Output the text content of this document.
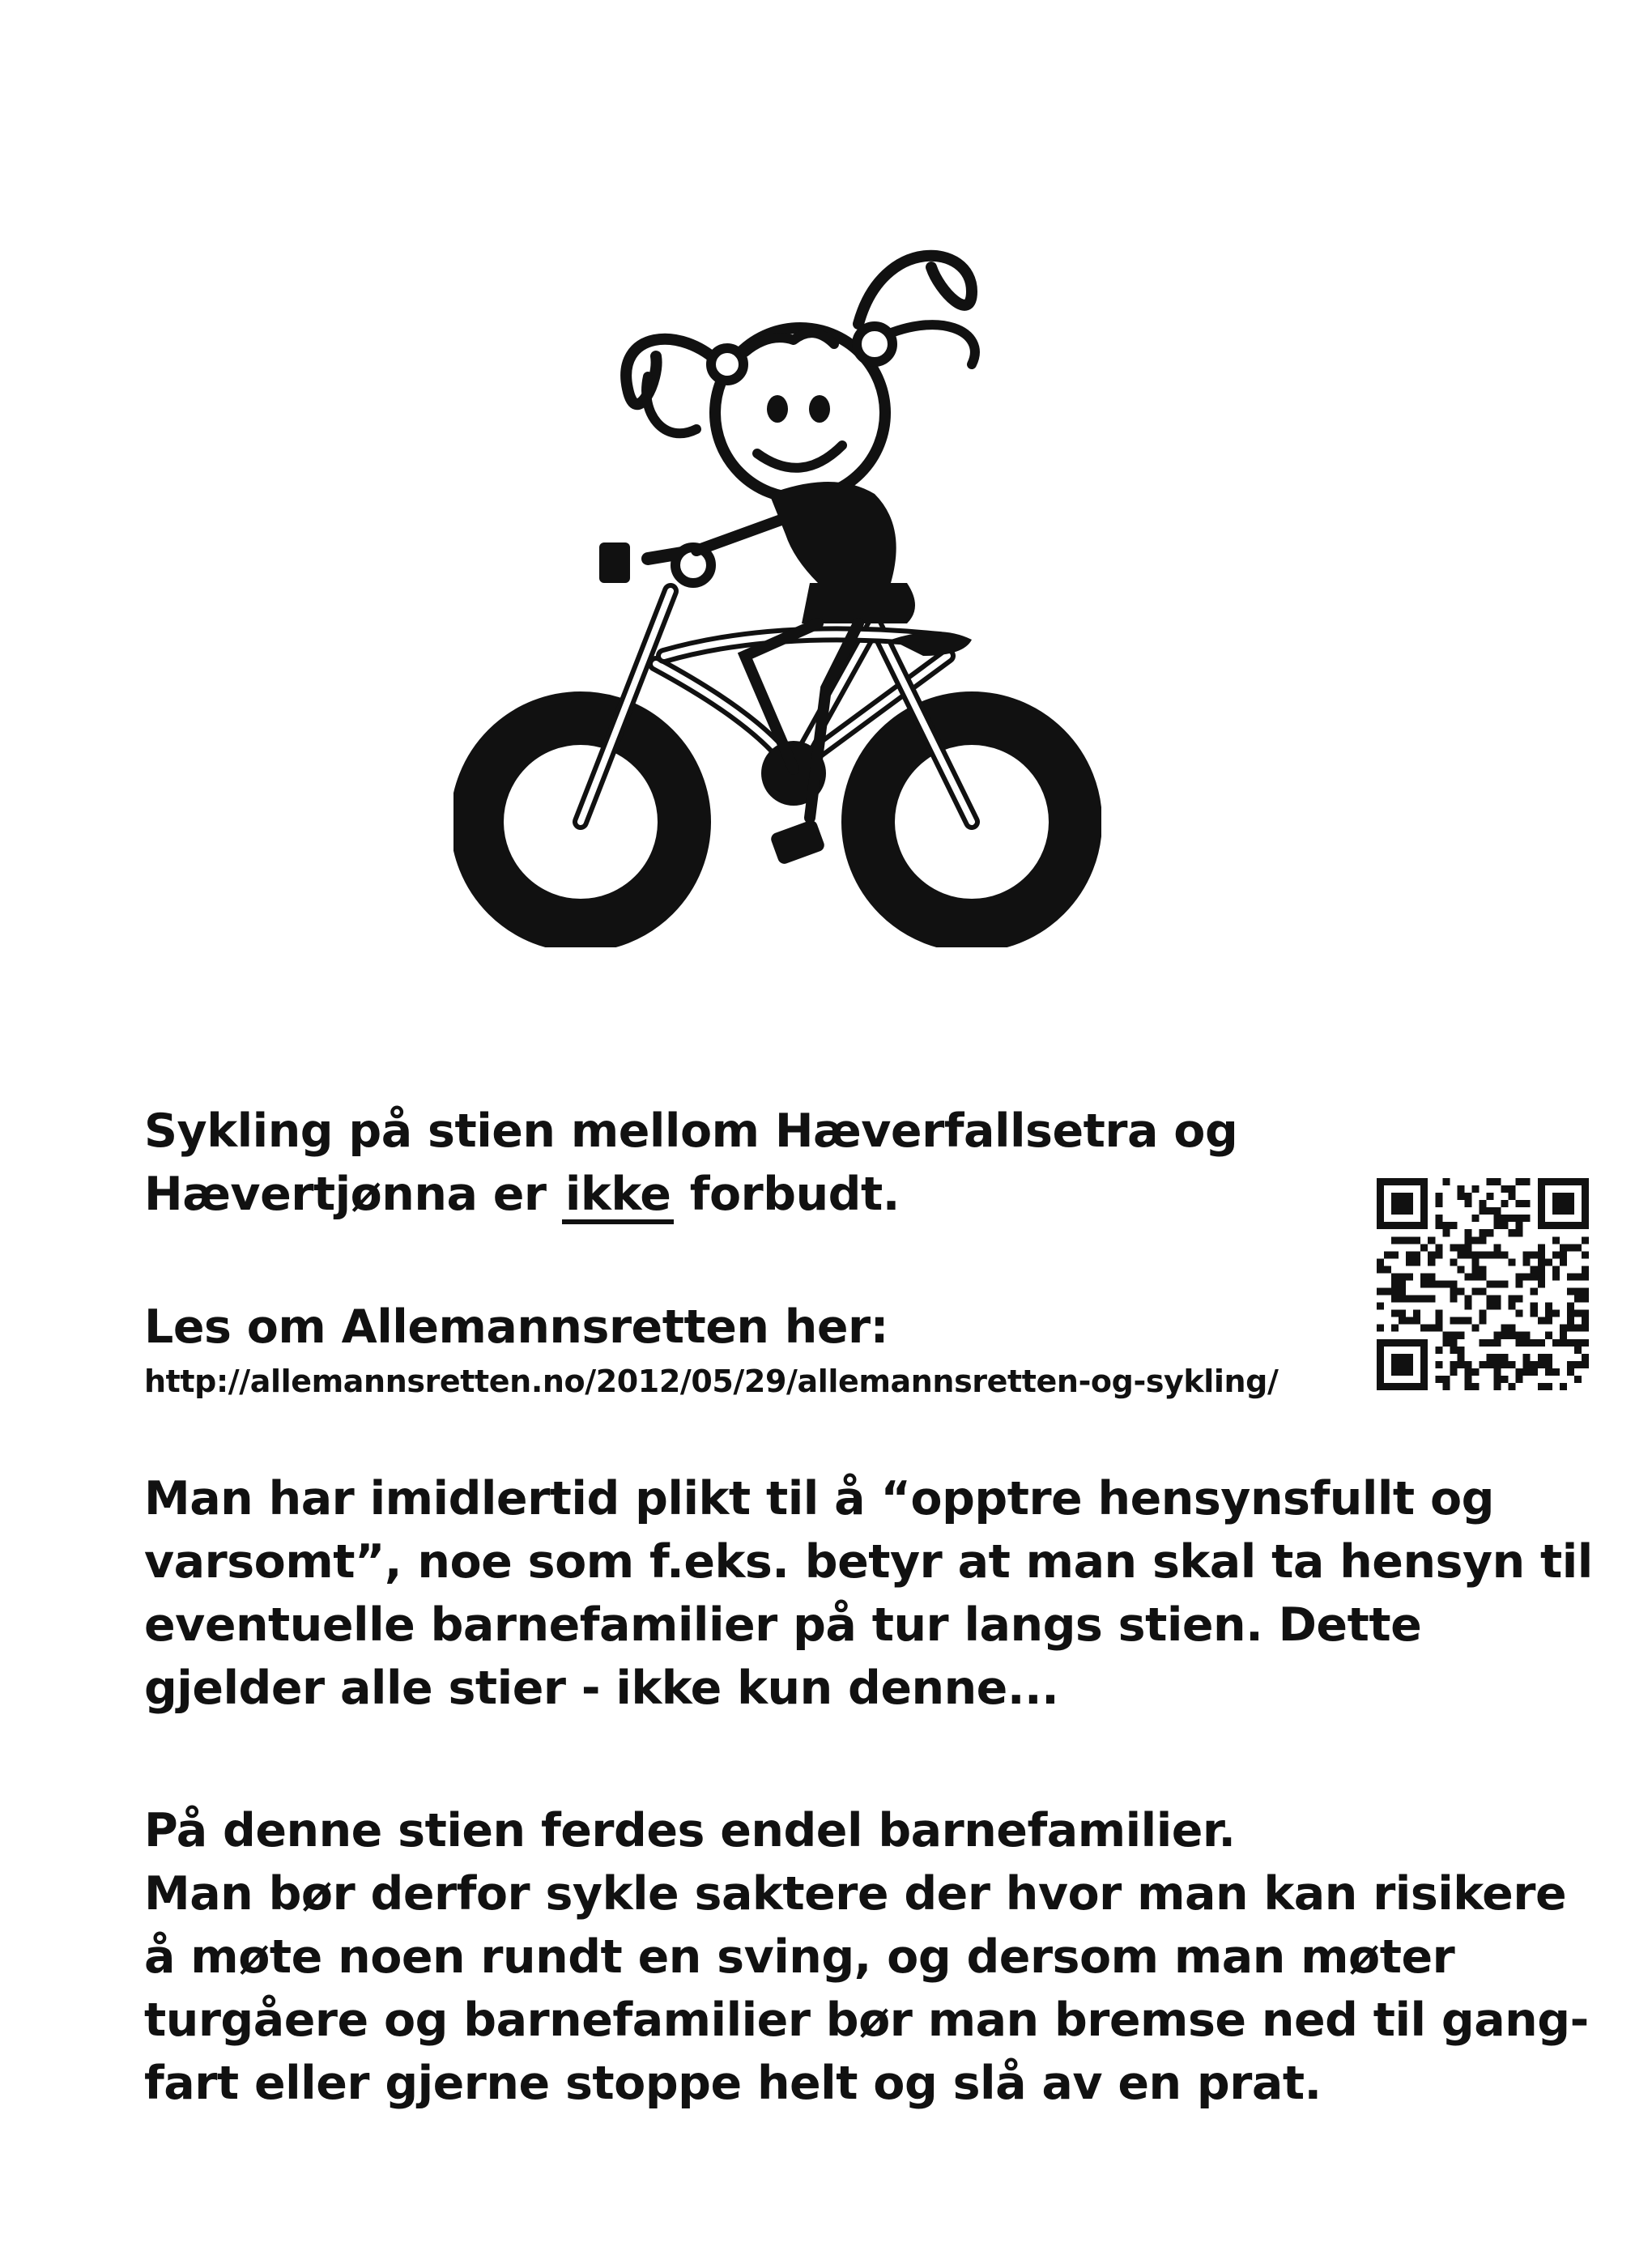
Sykling på stien mellom Hæverfallsetra og
Hævertjønna er ikke forbudt.
Les om Allemannsretten her:
http://allemannsretten.no/2012/05/29/allemannsretten-og-sykling/
Man har imidlertid plikt til å “opptre hensynsfullt og
varsomt”, noe som f.eks. betyr at man skal ta hensyn til
eventuelle barnefamilier på tur langs stien. Dette
gjelder alle stier - ikke kun denne...
På denne stien ferdes endel barnefamilier.
Man bør derfor sykle saktere der hvor man kan risikere
å møte noen rundt en sving, og dersom man møter
turgåere og barnefamilier bør man bremse ned til gang-
fart eller gjerne stoppe helt og slå av en prat.
